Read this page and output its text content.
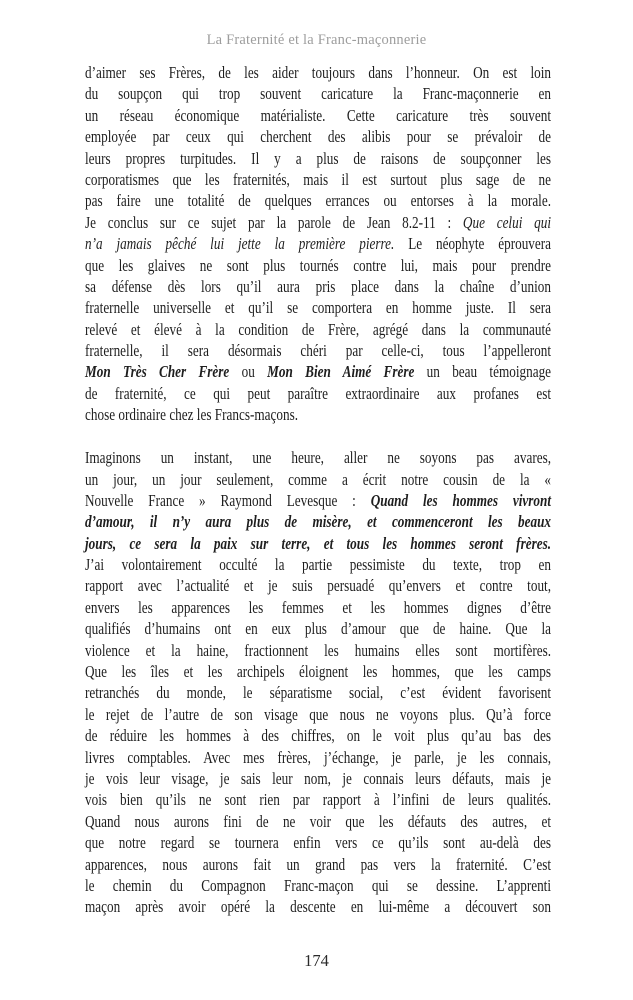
La Fraternité et la Franc-maçonnerie
d’aimer ses Frères, de les aider toujours dans l’honneur. On est loin
du soupçon qui trop souvent caricature la Franc-maçonnerie en
un réseau économique matérialiste. Cette caricature très souvent
employée par ceux qui cherchent des alibis pour se prévaloir de
leurs propres turpitudes. Il y a plus de raisons de soupçonner les
corporatismes que les fraternités, mais il est surtout plus sage de ne
pas faire une totalité de quelques errances ou entorses à la morale.
Je conclus sur ce sujet par la parole de Jean 8.2-11 : Que celui qui
n’a jamais pêché lui jette la première pierre. Le néophyte éprouvera
que les glaives ne sont plus tournés contre lui, mais pour prendre
sa défense dès lors qu’il aura pris place dans la chaîne d’union
fraternelle universelle et qu’il se comportera en homme juste. Il sera
relevé et élevé à la condition de Frère, agrégé dans la communauté
fraternelle, il sera désormais chéri par celle-ci, tous l’appelleront
Mon Très Cher Frère ou Mon Bien Aimé Frère un beau témoignage
de fraternité, ce qui peut paraître extraordinaire aux profanes est
chose ordinaire chez les Francs-maçons.
Imaginons un instant, une heure, aller ne soyons pas avares,
un jour, un jour seulement, comme a écrit notre cousin de la «
Nouvelle France » Raymond Levesque : Quand les hommes vivront
d’amour, il n’y aura plus de misère, et commenceront les beaux
jours, ce sera la paix sur terre, et tous les hommes seront frères.
J’ai volontairement occulté la partie pessimiste du texte, trop en
rapport avec l’actualité et je suis persuadé qu’envers et contre tout,
envers les apparences les femmes et les hommes dignes d’être
qualifiés d’humains ont en eux plus d’amour que de haine. Que la
violence et la haine, fractionnent les humains elles sont mortifères.
Que les îles et les archipels éloignent les hommes, que les camps
retranchés du monde, le séparatisme social, c’est évident favorisent
le rejet de l’autre de son visage que nous ne voyons plus. Qu’à force
de réduire les hommes à des chiffres, on le voit plus qu’au bas des
livres comptables. Avec mes frères, j’échange, je parle, je les connais,
je vois leur visage, je sais leur nom, je connais leurs défauts, mais je
vois bien qu’ils ne sont rien par rapport à l’infini de leurs qualités.
Quand nous aurons fini de ne voir que les défauts des autres, et
que notre regard se tournera enfin vers ce qu’ils sont au-delà des
apparences, nous aurons fait un grand pas vers la fraternité. C’est
le chemin du Compagnon Franc-maçon qui se dessine. L’apprenti
maçon après avoir opéré la descente en lui-même a découvert son
174
